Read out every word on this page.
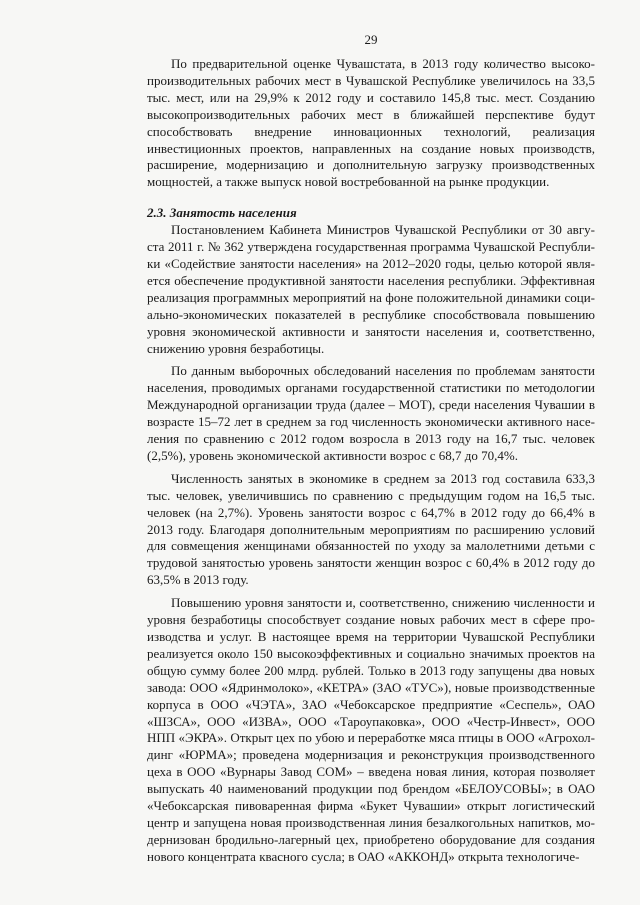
29

По предварительной оценке Чувашстата, в 2013 году количество высокопроизводительных рабочих мест в Чувашской Республике увеличилось на 33,5 тыс. мест, или на 29,9% к 2012 году и составило 145,8 тыс. мест. Созданию высокопроизводительных рабочих мест в ближайшей перспективе будут способствовать внедрение инновационных технологий, реализация инвестиционных проектов, направленных на создание новых производств, расширение, модернизацию и дополнительную загрузку производственных мощностей, а также выпуск новой востребованной на рынке продукции.

2.3. Занятость населения

Постановлением Кабинета Министров Чувашской Республики от 30 августа 2011 г. № 362 утверждена государственная программа Чувашской Республики «Содействие занятости населения» на 2012–2020 годы, целью которой является обеспечение продуктивной занятости населения республики. Эффективная реализация программных мероприятий на фоне положительной динамики социально-экономических показателей в республике способствовала повышению уровня экономической активности и занятости населения и, соответственно, снижению уровня безработицы.

По данным выборочных обследований населения по проблемам занятости населения, проводимых органами государственной статистики по методологии Международной организации труда (далее – МОТ), среди населения Чувашии в возрасте 15–72 лет в среднем за год численность экономически активного населения по сравнению с 2012 годом возросла в 2013 году на 16,7 тыс. человек (2,5%), уровень экономической активности возрос с 68,7 до 70,4%.

Численность занятых в экономике в среднем за 2013 год составила 633,3 тыс. человек, увеличившись по сравнению с предыдущим годом на 16,5 тыс. человек (на 2,7%). Уровень занятости возрос с 64,7% в 2012 году до 66,4% в 2013 году. Благодаря дополнительным мероприятиям по расширению условий для совмещения женщинами обязанностей по уходу за малолетними детьми с трудовой занятостью уровень занятости женщин возрос с 60,4% в 2012 году до 63,5% в 2013 году.

Повышению уровня занятости и, соответственно, снижению численности и уровня безработицы способствует создание новых рабочих мест в сфере производства и услуг. В настоящее время на территории Чувашской Республики реализуется около 150 высокоэффективных и социально значимых проектов на общую сумму более 200 млрд. рублей. Только в 2013 году запущены два новых завода: ООО «Ядринмолоко», «КЕТРА» (ЗАО «ТУС»), новые производственные корпуса в ООО «ЧЭТА», ЗАО «Чебоксарское предприятие «Сеспель», ОАО «ШЗСА», ООО «ИЗВА», ООО «Тароупаковка», ООО «Честр-Инвест», ООО НПП «ЭКРА». Открыт цех по убою и переработке мяса птицы в ООО «Агрохолдинг «ЮРМА»; проведена модернизация и реконструкция производственного цеха в ООО «Вурнары Завод СОМ» – введена новая линия, которая позволяет выпускать 40 наименований продукции под брендом «БЕЛОУСОВЫ»; в ОАО «Чебоксарская пивоваренная фирма «Букет Чувашии» открыт логистический центр и запущена новая производственная линия безалкогольных напитков, модернизован бродильно-лагерный цех, приобретено оборудование для создания нового концентрата квасного сусла; в ОАО «АККОНД» открыта технологиче-
